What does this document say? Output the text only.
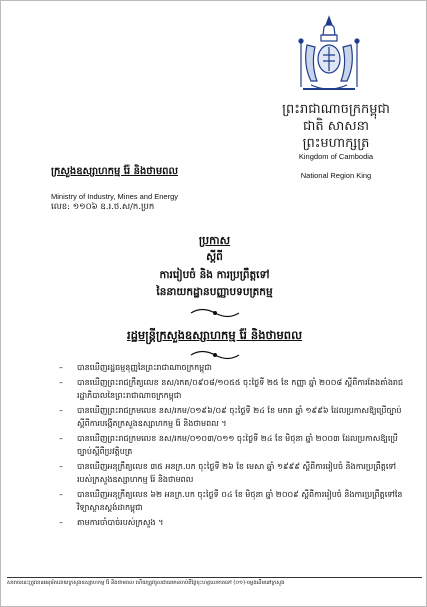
ព្រះរាជាណាចក្រកម្ពុជា
ជាតិ សាសនា ព្រះមហាក្សត្រ
Kingdom of Cambodia
National Region King
ក្រសួងឧស្សាហកម្ម រ៉ែ និងថាមពល
Ministry of Industry, Mines and Energy
លេខ: ១១០៦ ឧ.រ.ថ.ស/ក.ប្រក
ប្រកាស
ស្តីពី
ការរៀបចំ និង ការប្រព្រឹត្តទៅ
នៃនាយកដ្ឋានបញ្ញាបទបត្រកម្ម
រដ្ឋមន្ត្រីក្រសួងឧស្សាហកម្ម រ៉ែ និងថាមពល
– បានឃើញរដ្ឋធម្មនុញ្ញនៃព្រះរាជាណាចក្រកម្ពុជា
– បានឃើញព្រះរាជក្រឹត្យលេខ នស/រកត/០៩០៨/១០៥៥ ចុះថ្ងៃទី ២៥ ខែ កញ្ញា ឆ្នាំ ២០០៨ ស្តីពីការតែងតាំងរាជរដ្ឋាភិបាលនៃព្រះរាជាណាចក្រកម្ពុជា
– បានឃើញព្រះរាជក្រមលេខ នស/រកម/០១៩៦/០៩ ចុះថ្ងៃទី ២៤ ខែ មករា ឆ្នាំ ១៩៩៦ ដែលប្រកាសឱ្យប្រើច្បាប់ស្តីពីការបង្កើតក្រសួងឧស្សាហកម្ម រ៉ែ និងថាមពល ។
– បានឃើញព្រះរាជក្រមលេខ នស/រកម/០១០៣/០១១ ចុះថ្ងៃទី ២៤ ខែ មិថុនា ឆ្នាំ ២០០៣ ដែលប្រកាសឱ្យប្រើច្បាប់ស្តីពីប្រវត្តិបត្រ
– បានឃើញអនុក្រឹត្យលេខ ៣៥ អនក្រ.បក ចុះថ្ងៃទី ២៦ ខែ មេសា ឆ្នាំ ១៩៩៩ ស្តីពីការរៀបចំ និងការប្រព្រឹត្តទៅរបស់ក្រសួងឧស្សាហកម្ម រ៉ែ និងថាមពល
– បានឃើញអនុក្រឹត្យលេខ ៦២ អនក្រ.បក ចុះថ្ងៃទី ០៤ ខែ មិថុនា ឆ្នាំ ២០០៩ ស្តីពីការរៀបចំ និងការប្រព្រឹត្តទៅនៃវិទ្យាស្ថានស្តង់ដាកម្ពុជា
– តាមការចាំបាច់របស់ក្រសួង ។
សារាចរនេះត្រូវបានអនុម័តដោយក្រសួងឧស្សាហកម្ម រ៉ែ និងថាមពល ហើយត្រូវចូលជាធរមានចាប់ពីថ្ងៃចុះហត្ថលេខាតទៅ (០១)-ចម្លងដើមនៅក្រសួង
